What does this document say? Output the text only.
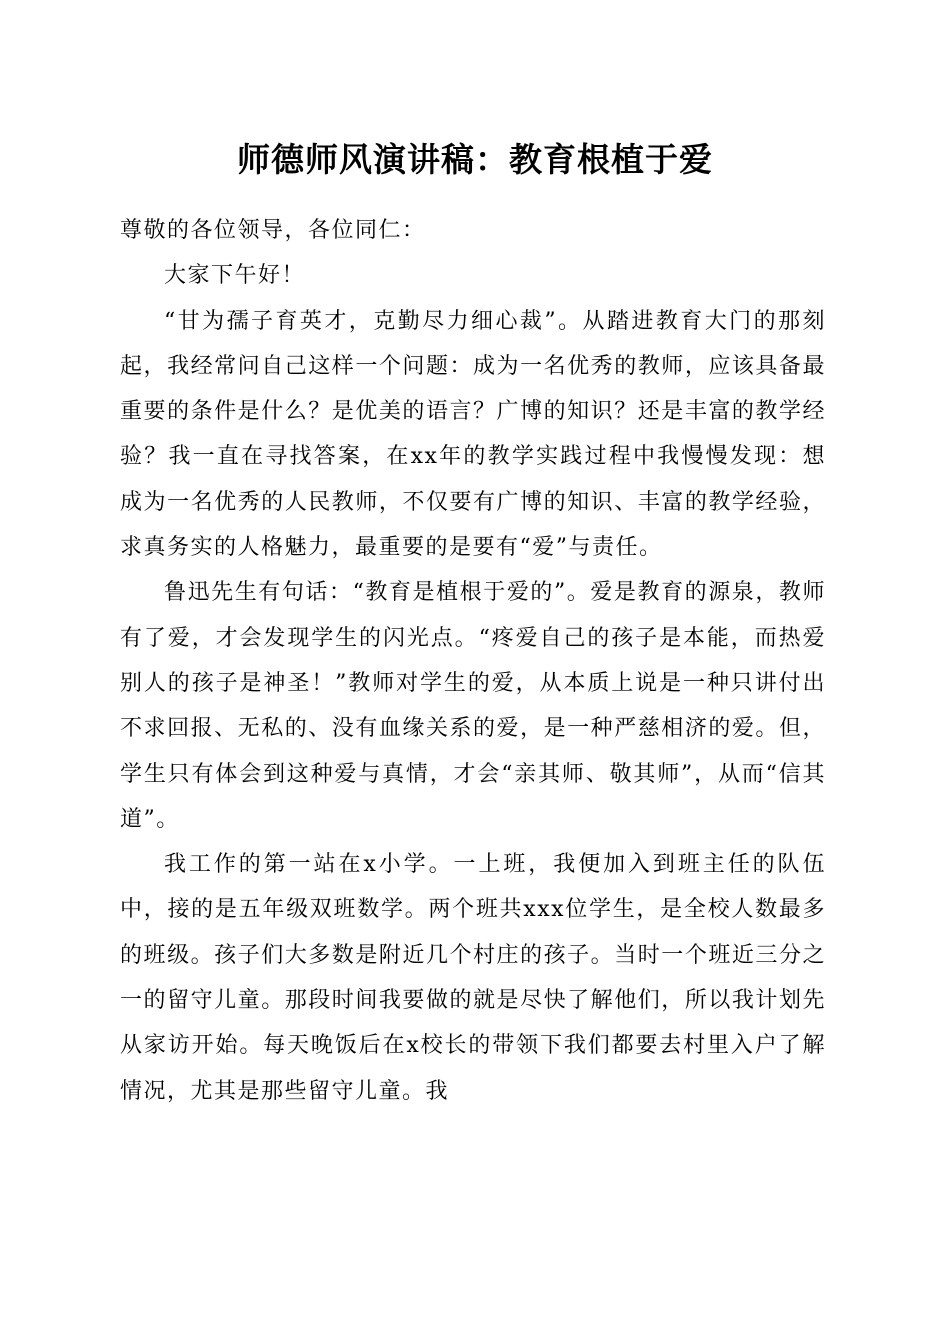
师德师风演讲稿：教育根植于爱

尊敬的各位领导，各位同仁：

大家下午好！

“甘为孺子育英才，克勤尽力细心裁”。从踏进教育大门的那刻起，我经常问自己这样一个问题：成为一名优秀的教师，应该具备最重要的条件是什么？是优美的语言？广博的知识？还是丰富的教学经验？我一直在寻找答案，在xx年的教学实践过程中我慢慢发现：想成为一名优秀的人民教师，不仅要有广博的知识、丰富的教学经验，求真务实的人格魅力，最重要的是要有“爱”与责任。

鲁迅先生有句话：“教育是植根于爱的”。爱是教育的源泉，教师有了爱，才会发现学生的闪光点。“疼爱自己的孩子是本能，而热爱别人的孩子是神圣！”教师对学生的爱，从本质上说是一种只讲付出不求回报、无私的、没有血缘关系的爱，是一种严慈相济的爱。但，学生只有体会到这种爱与真情，才会“亲其师、敬其师”，从而“信其道”。

我工作的第一站在x小学。一上班，我便加入到班主任的队伍中，接的是五年级双班数学。两个班共xxx位学生，是全校人数最多的班级。孩子们大多数是附近几个村庄的孩子。当时一个班近三分之一的留守儿童。那段时间我要做的就是尽快了解他们，所以我计划先从家访开始。每天晚饭后在x校长的带领下我们都要去村里入户了解情况，尤其是那些留守儿童。我
